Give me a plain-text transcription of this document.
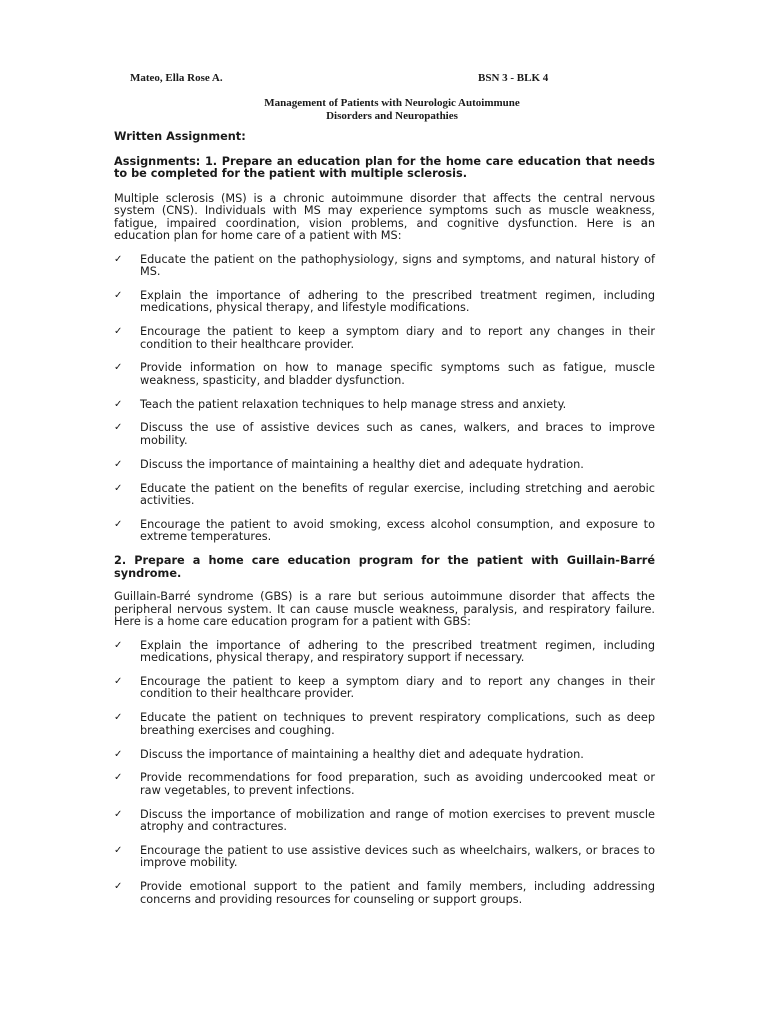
Mateo, Ella Rose A.	BSN 3 - BLK 4
Management of Patients with Neurologic Autoimmune
Disorders and Neuropathies

Written Assignment:

Assignments: 1. Prepare an education plan for the home care education that needs to be completed for the patient with multiple sclerosis.

Multiple sclerosis (MS) is a chronic autoimmune disorder that affects the central nervous system (CNS). Individuals with MS may experience symptoms such as muscle weakness, fatigue, impaired coordination, vision problems, and cognitive dysfunction. Here is an education plan for home care of a patient with MS:

✓ Educate the patient on the pathophysiology, signs and symptoms, and natural history of MS.
✓ Explain the importance of adhering to the prescribed treatment regimen, including medications, physical therapy, and lifestyle modifications.
✓ Encourage the patient to keep a symptom diary and to report any changes in their condition to their healthcare provider.
✓ Provide information on how to manage specific symptoms such as fatigue, muscle weakness, spasticity, and bladder dysfunction.
✓ Teach the patient relaxation techniques to help manage stress and anxiety.
✓ Discuss the use of assistive devices such as canes, walkers, and braces to improve mobility.
✓ Discuss the importance of maintaining a healthy diet and adequate hydration.
✓ Educate the patient on the benefits of regular exercise, including stretching and aerobic activities.
✓ Encourage the patient to avoid smoking, excess alcohol consumption, and exposure to extreme temperatures.

2. Prepare a home care education program for the patient with Guillain-Barré syndrome.

Guillain-Barré syndrome (GBS) is a rare but serious autoimmune disorder that affects the peripheral nervous system. It can cause muscle weakness, paralysis, and respiratory failure. Here is a home care education program for a patient with GBS:

✓ Explain the importance of adhering to the prescribed treatment regimen, including medications, physical therapy, and respiratory support if necessary.
✓ Encourage the patient to keep a symptom diary and to report any changes in their condition to their healthcare provider.
✓ Educate the patient on techniques to prevent respiratory complications, such as deep breathing exercises and coughing.
✓ Discuss the importance of maintaining a healthy diet and adequate hydration.
✓ Provide recommendations for food preparation, such as avoiding undercooked meat or raw vegetables, to prevent infections.
✓ Discuss the importance of mobilization and range of motion exercises to prevent muscle atrophy and contractures.
✓ Encourage the patient to use assistive devices such as wheelchairs, walkers, or braces to improve mobility.
✓ Provide emotional support to the patient and family members, including addressing concerns and providing resources for counseling or support groups.
